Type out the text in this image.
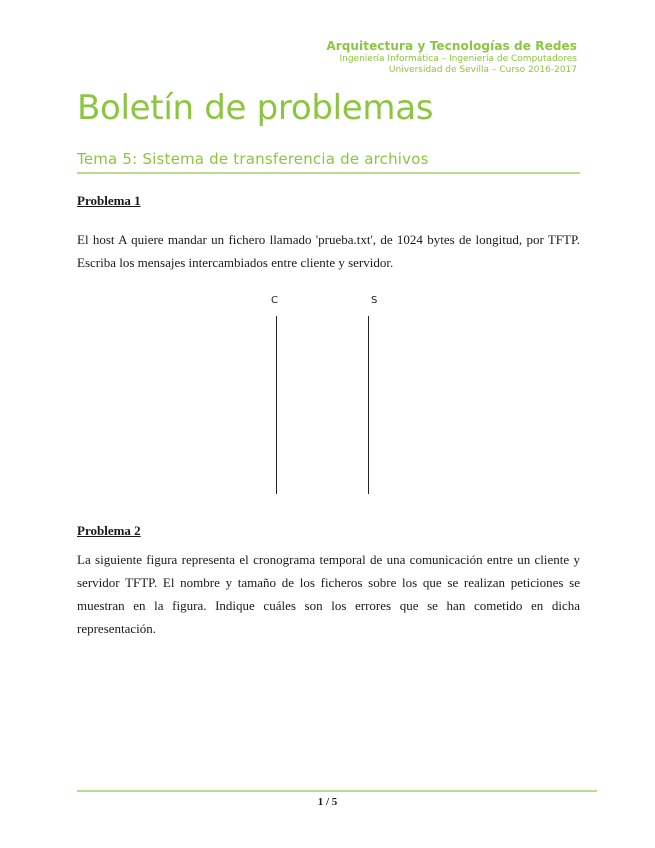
Arquitectura y Tecnologías de Redes
Ingeniería Informática – Ingeniería de Computadores
Universidad de Sevilla – Curso 2016-2017
Boletín de problemas
Tema 5: Sistema de transferencia de archivos

Problema 1

El host A quiere mandar un fichero llamado 'prueba.txt', de 1024 bytes de longitud, por TFTP. Escriba los mensajes intercambiados entre cliente y servidor.

C	S

Problema 2

La siguiente figura representa el cronograma temporal de una comunicación entre un cliente y servidor TFTP. El nombre y tamaño de los ficheros sobre los que se realizan peticiones se muestran en la figura. Indique cuáles son los errores que se han cometido en dicha representación.

1 / 5
